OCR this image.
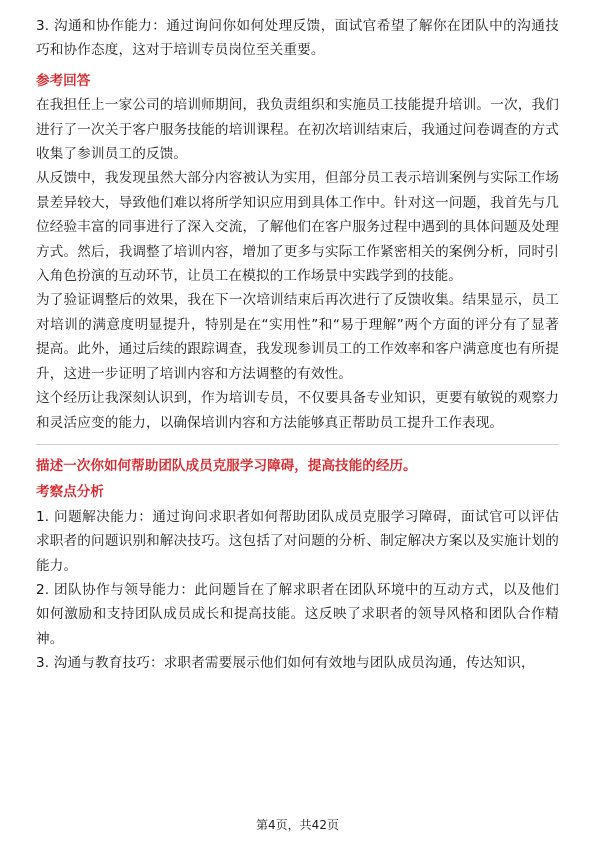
3. 沟通和协作能力：通过询问你如何处理反馈，面试官希望了解你在团队中的沟通技巧和协作态度，这对于培训专员岗位至关重要。

参考回答

在我担任上一家公司的培训师期间，我负责组织和实施员工技能提升培训。一次，我们进行了一次关于客户服务技能的培训课程。在初次培训结束后，我通过问卷调查的方式收集了参训员工的反馈。

从反馈中，我发现虽然大部分内容被认为实用，但部分员工表示培训案例与实际工作场景差异较大，导致他们难以将所学知识应用到具体工作中。针对这一问题，我首先与几位经验丰富的同事进行了深入交流，了解他们在客户服务过程中遇到的具体问题及处理方式。然后，我调整了培训内容，增加了更多与实际工作紧密相关的案例分析，同时引入角色扮演的互动环节，让员工在模拟的工作场景中实践学到的技能。

为了验证调整后的效果，我在下一次培训结束后再次进行了反馈收集。结果显示，员工对培训的满意度明显提升，特别是在“实用性”和“易于理解”两个方面的评分有了显著提高。此外，通过后续的跟踪调查，我发现参训员工的工作效率和客户满意度也有所提升，这进一步证明了培训内容和方法调整的有效性。

这个经历让我深刻认识到，作为培训专员，不仅要具备专业知识，更要有敏锐的观察力和灵活应变的能力，以确保培训内容和方法能够真正帮助员工提升工作表现。

描述一次你如何帮助团队成员克服学习障碍，提高技能的经历。
考察点分析

1. 问题解决能力：通过询问求职者如何帮助团队成员克服学习障碍，面试官可以评估求职者的问题识别和解决技巧。这包括了对问题的分析、制定解决方案以及实施计划的能力。

2. 团队协作与领导能力：此问题旨在了解求职者在团队环境中的互动方式，以及他们如何激励和支持团队成员成长和提高技能。这反映了求职者的领导风格和团队合作精神。

3. 沟通与教育技巧：求职者需要展示他们如何有效地与团队成员沟通，传达知识，

第4页，共42页
